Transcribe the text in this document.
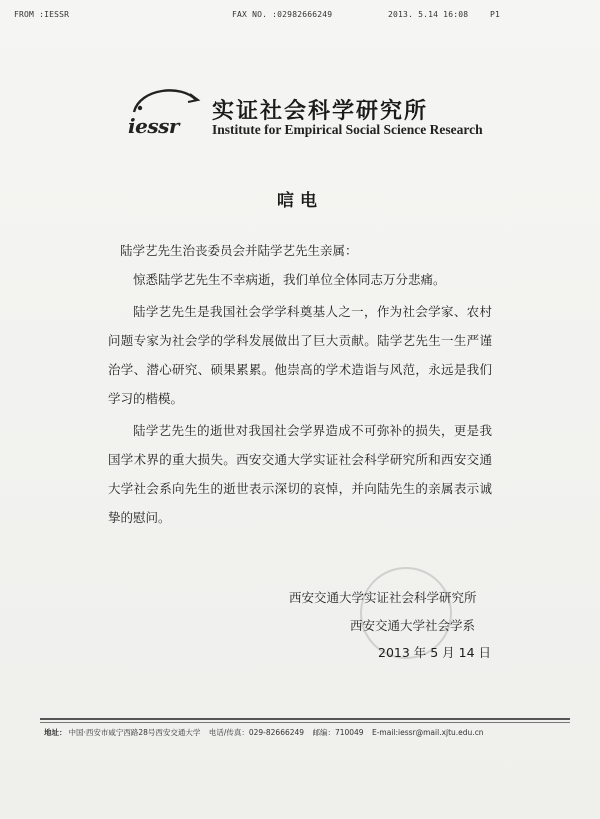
FROM :IESSR	FAX NO. :02982666249	2013. 5.14 16:08	P1
iessr
实证社会科学研究所
Institute for Empirical Social Science Research
唁电

陆学艺先生治丧委员会并陆学艺先生亲属：

惊悉陆学艺先生不幸病逝，我们单位全体同志万分悲痛。

陆学艺先生是我国社会学学科奠基人之一，作为社会学家、农村问题专家为社会学的学科发展做出了巨大贡献。陆学艺先生一生严谨治学、潜心研究、硕果累累。他崇高的学术造诣与风范，永远是我们学习的楷模。

陆学艺先生的逝世对我国社会学界造成不可弥补的损失，更是我国学术界的重大损失。西安交通大学实证社会科学研究所和西安交通大学社会系向先生的逝世表示深切的哀悼，并向陆先生的亲属表示诚挚的慰问。

西安交通大学实证社会科学研究所
西安交通大学社会学系
2013 年 5 月 14 日
地址： 中国·西安市咸宁西路28号西安交通大学 电话/传真：029-82666249 邮编：710049 E-mail:iessr@mail.xjtu.edu.cn
